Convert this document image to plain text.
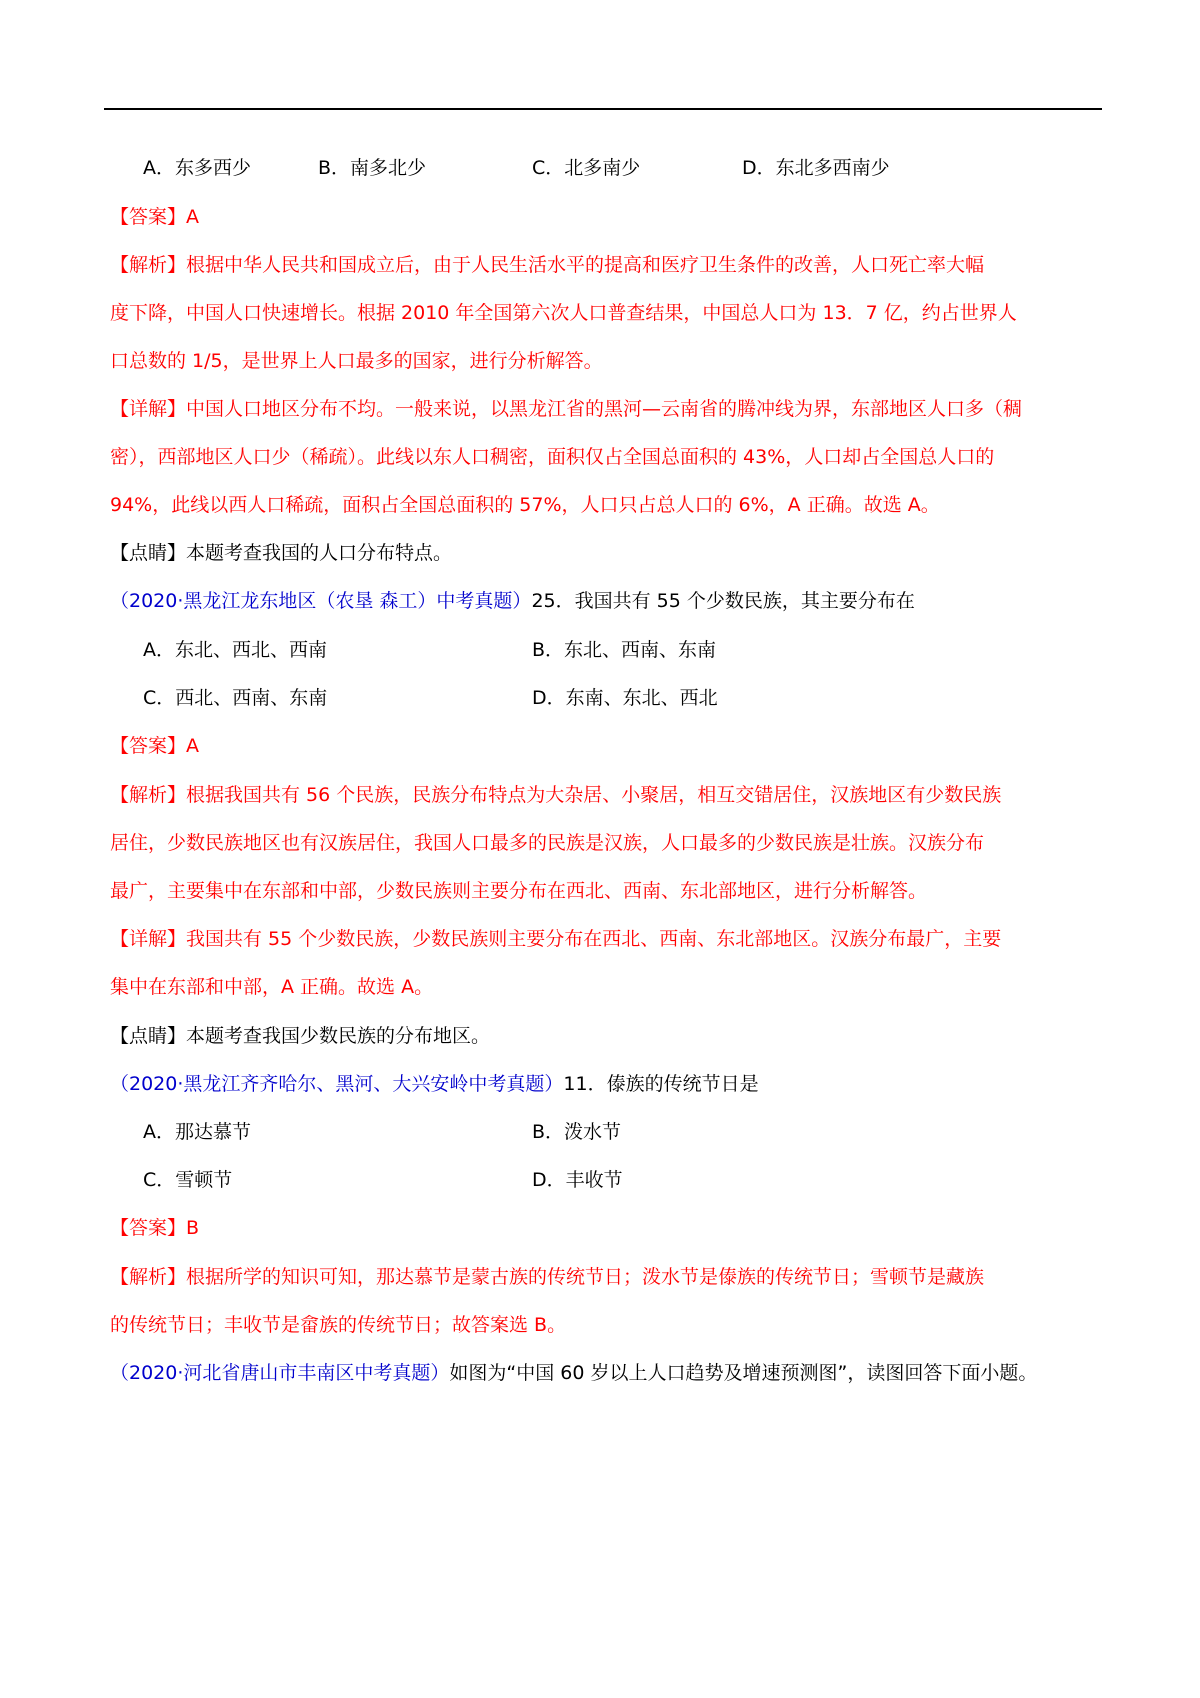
A．东多西少	B．南多北少	C．北多南少	D．东北多西南少
【答案】A
【解析】根据中华人民共和国成立后，由于人民生活水平的提高和医疗卫生条件的改善，人口死亡率大幅
度下降，中国人口快速增长。根据 2010 年全国第六次人口普查结果，中国总人口为 13．7 亿，约占世界人
口总数的 1/5，是世界上人口最多的国家，进行分析解答。
【详解】中国人口地区分布不均。一般来说，以黑龙江省的黑河—云南省的腾冲线为界，东部地区人口多（稠
密），西部地区人口少（稀疏）。此线以东人口稠密，面积仅占全国总面积的 43%，人口却占全国总人口的
94%，此线以西人口稀疏，面积占全国总面积的 57%，人口只占总人口的 6%，A 正确。故选 A。
【点睛】本题考查我国的人口分布特点。
（2020·黑龙江龙东地区（农垦 森工）中考真题）25．我国共有 55 个少数民族，其主要分布在
A．东北、西北、西南	B．东北、西南、东南
C．西北、西南、东南	D．东南、东北、西北
【答案】A
【解析】根据我国共有 56 个民族，民族分布特点为大杂居、小聚居，相互交错居住，汉族地区有少数民族
居住，少数民族地区也有汉族居住，我国人口最多的民族是汉族，人口最多的少数民族是壮族。汉族分布
最广，主要集中在东部和中部，少数民族则主要分布在西北、西南、东北部地区，进行分析解答。
【详解】我国共有 55 个少数民族，少数民族则主要分布在西北、西南、东北部地区。汉族分布最广，主要
集中在东部和中部，A 正确。故选 A。
【点睛】本题考查我国少数民族的分布地区。
（2020·黑龙江齐齐哈尔、黑河、大兴安岭中考真题）11．傣族的传统节日是
A．那达慕节	B．泼水节
C．雪顿节	D．丰收节
【答案】B
【解析】根据所学的知识可知，那达慕节是蒙古族的传统节日；泼水节是傣族的传统节日；雪顿节是藏族
的传统节日；丰收节是畲族的传统节日；故答案选 B。
（2020·河北省唐山市丰南区中考真题）如图为“中国 60 岁以上人口趋势及增速预测图”，读图回答下面小题。
